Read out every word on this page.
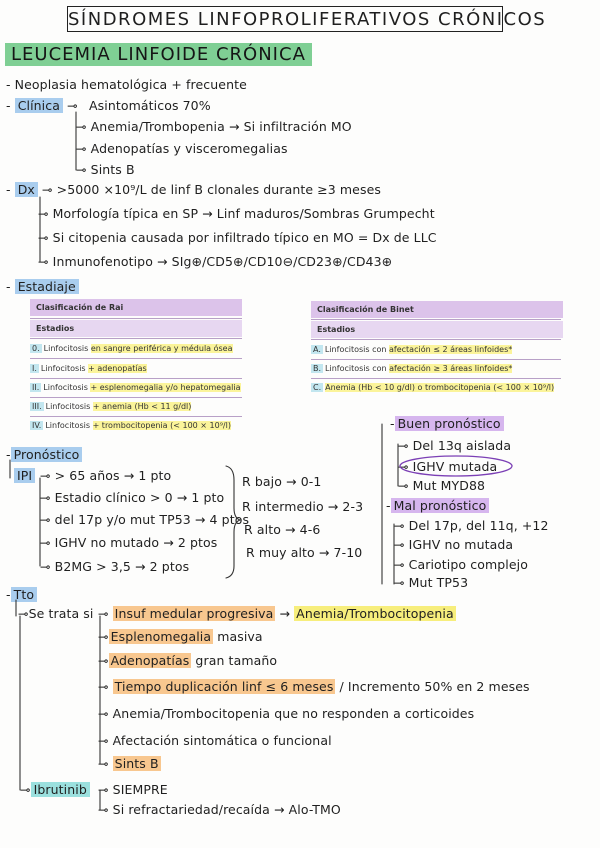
SÍNDROMES LINFOPROLIFERATIVOS CRÓNICOS
LEUCEMIA LINFOIDE CRÓNICA
- Neoplasia hematológica + frecuente
- Clínica ⊸ Asintomáticos 70%
⊸ Anemia/Trombopenia → Si infiltración MO
⊸ Adenopatías y visceromegalias
⊸ Sints B
- Dx ⊸ >5000 ×10⁹/L de linf B clonales durante ≥3 meses
⊸ Morfología típica en SP → Linf maduros/Sombras Grumpecht
⊸ Si citopenia causada por infiltrado típico en MO = Dx de LLC
⊸ Inmunofenotipo → SIg⊕/CD5⊕/CD10⊖/CD23⊕/CD43⊕
- Estadiaje
Clasificación de Rai
Estadios
0. Linfocitosis en sangre periférica y médula ósea
I. Linfocitosis + adenopatías
II. Linfocitosis + esplenomegalia y/o hepatomegalia
III. Linfocitosis + anemia (Hb < 11 g/dl)
IV. Linfocitosis + trombocitopenia (< 100 × 10⁹/l)
Clasificación de Binet
Estadios
A. Linfocitosis con afectación ≤ 2 áreas linfoides*
B. Linfocitosis con afectación ≥ 3 áreas linfoides*
C. Anemia (Hb < 10 g/dl) o trombocitopenia (< 100 × 10⁹/l)
- Pronóstico
IPI ⊸ > 65 años → 1 pto
⊸ Estadio clínico > 0 → 1 pto
⊸ del 17p y/o mut TP53 → 4 ptos
⊸ IGHV no mutado → 2 ptos
⊸ B2MG > 3,5 → 2 ptos
R bajo → 0-1
R intermedio → 2-3
R alto → 4-6
R muy alto → 7-10
- Buen pronóstico
⊸ Del 13q aislada
⊸ IGHV mutada
⊸ Mut MYD88
- Mal pronóstico
⊸ Del 17p, del 11q, +12
⊸ IGHV no mutada
⊸ Cariotipo complejo
⊸ Mut TP53
- Tto
⊸Se trata si ⊸ Insuf medular progresiva → Anemia/Trombocitopenia
⊸ Esplenomegalia masiva
⊸ Adenopatías gran tamaño
⊸ Tiempo duplicación linf ≤ 6 meses / Incremento 50% en 2 meses
⊸ Anemia/Trombocitopenia que no responden a corticoides
⊸ Afectación sintomática o funcional
⊸ Sints B
⊸ Ibrutinib ⊸ SIEMPRE
⊸ Si refractariedad/recaída → Alo-TMO
